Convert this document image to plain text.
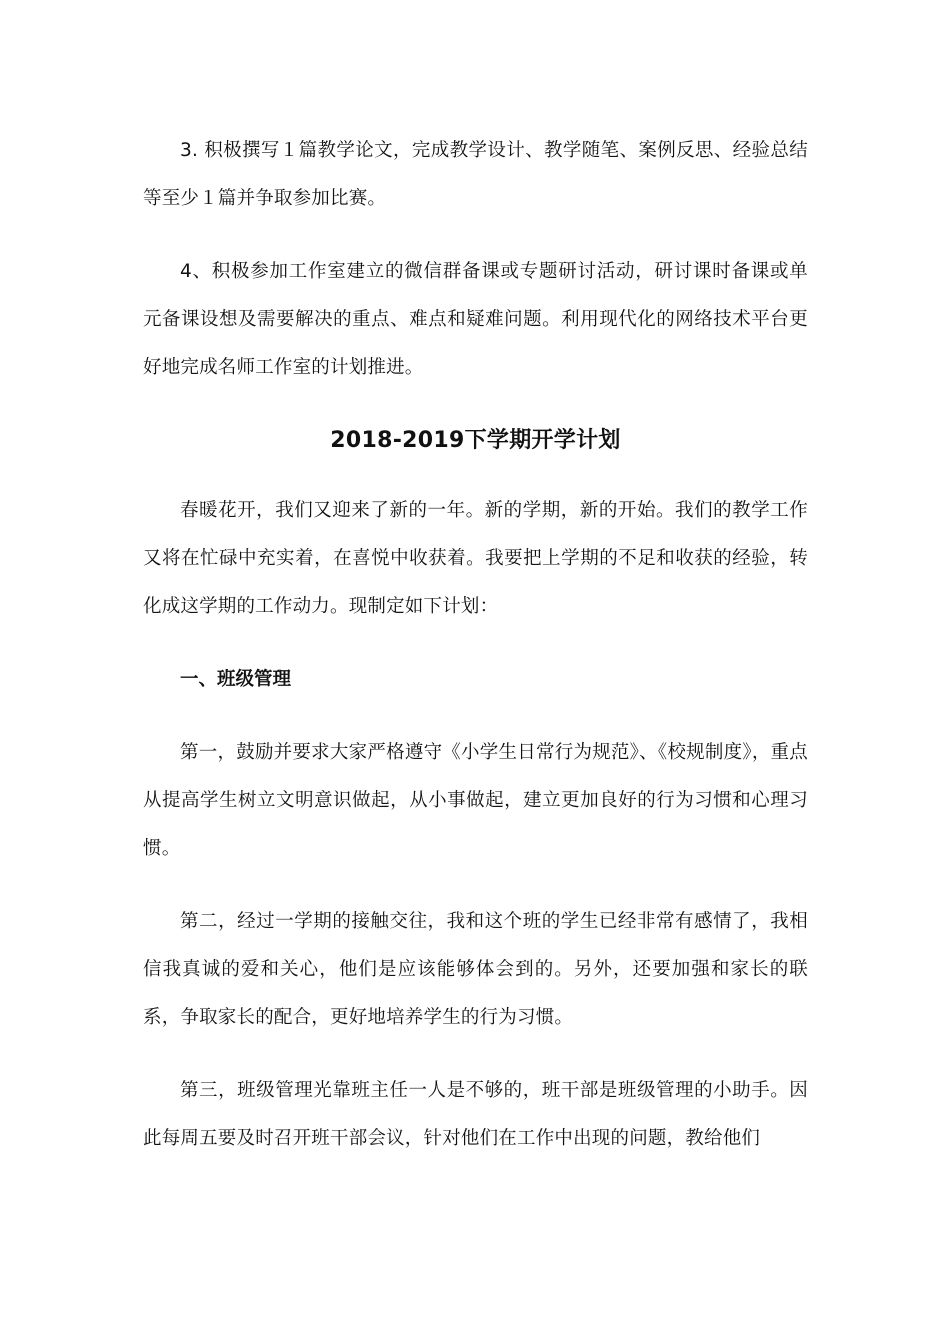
3. 积极撰写１篇教学论文，完成教学设计、教学随笔、案例反思、经验总结等至少１篇并争取参加比赛。

4、积极参加工作室建立的微信群备课或专题研讨活动，研讨课时备课或单元备课设想及需要解决的重点、难点和疑难问题。利用现代化的网络技术平台更好地完成名师工作室的计划推进。

2018-2019下学期开学计划

春暖花开，我们又迎来了新的一年。新的学期，新的开始。我们的教学工作又将在忙碌中充实着，在喜悦中收获着。我要把上学期的不足和收获的经验，转化成这学期的工作动力。现制定如下计划：

一、班级管理

第一，鼓励并要求大家严格遵守《小学生日常行为规范》、《校规制度》，重点从提高学生树立文明意识做起，从小事做起，建立更加良好的行为习惯和心理习惯。

第二，经过一学期的接触交往，我和这个班的学生已经非常有感情了，我相信我真诚的爱和关心，他们是应该能够体会到的。另外，还要加强和家长的联系，争取家长的配合，更好地培养学生的行为习惯。

第三，班级管理光靠班主任一人是不够的，班干部是班级管理的小助手。因此每周五要及时召开班干部会议，针对他们在工作中出现的问题，教给他们
